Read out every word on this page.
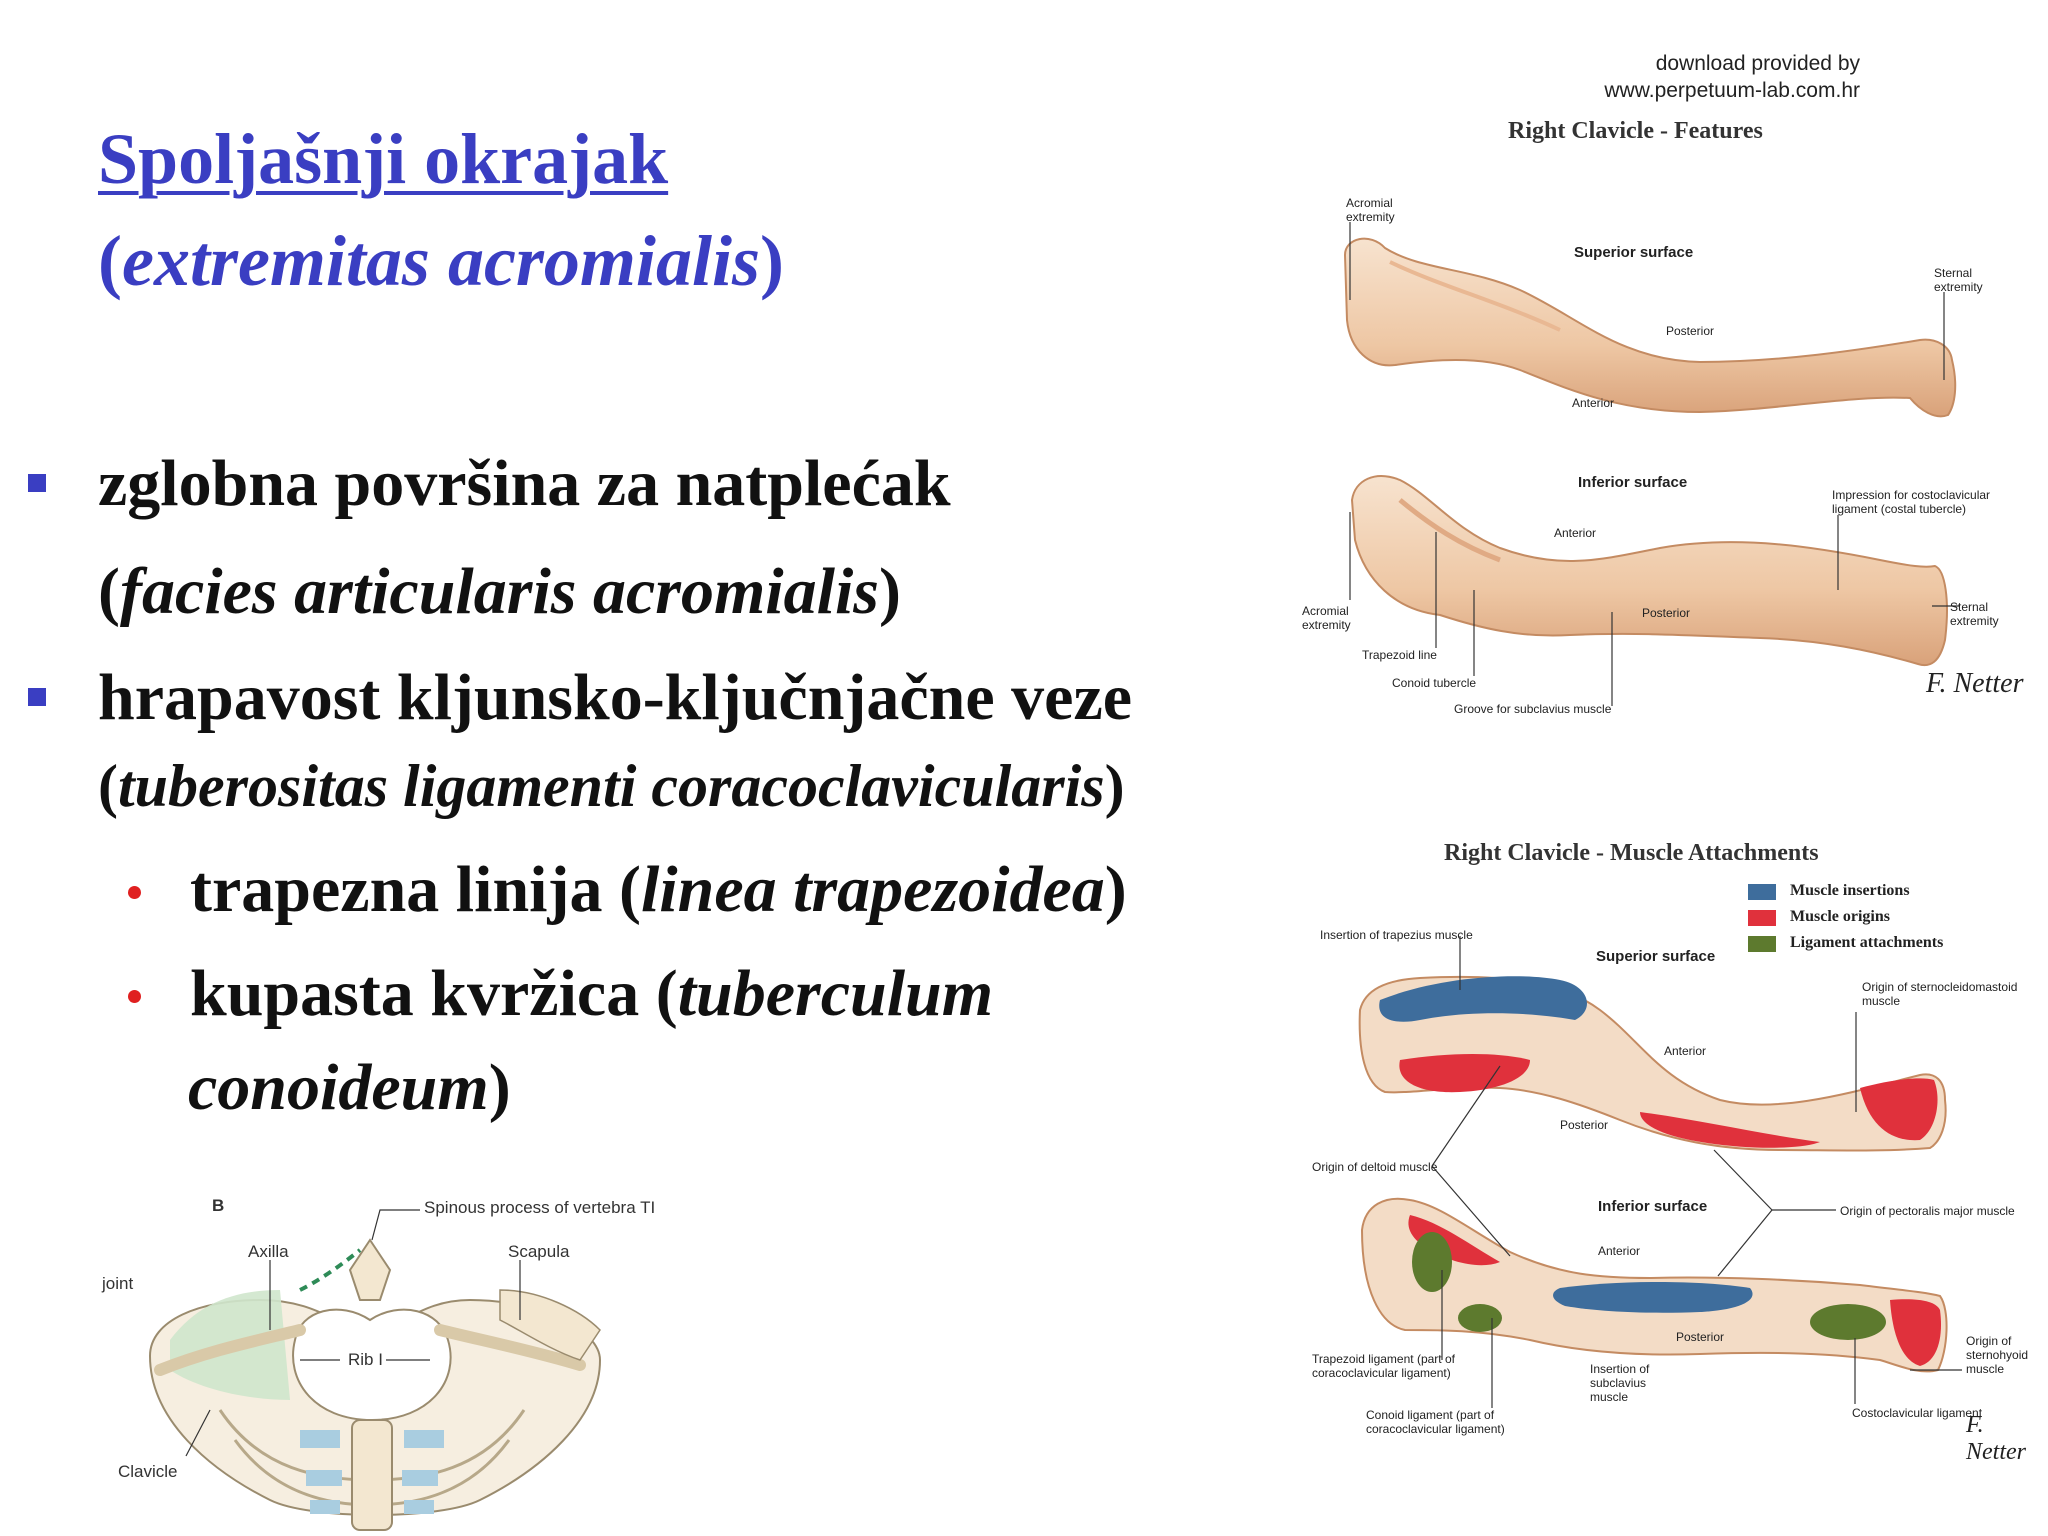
download provided by
www.perpetuum-lab.com.hr
Spoljašnji okrajak
(extremitas acromialis)
zglobna površina za natplećak
(facies articularis acromialis)
hrapavost kljunsko-ključnjačne veze
(tuberositas ligamenti coracoclavicularis)
trapezna linija (linea trapezoidea)
kupasta kvržica (tuberculum
conoideum)
Right Clavicle - Features
Acromial
extremity
Superior surface
Sternal
extremity
Posterior
Anterior
Inferior surface
Impression for costoclavicular
ligament (costal tubercle)
Anterior
Acromial
extremity
Posterior	Sternal
extremity
Trapezoid line
Conoid tubercle
Groove for subclavius muscle
F. Netter
Right Clavicle - Muscle Attachments
Muscle insertions
Muscle origins
Ligament attachments
Insertion of trapezius muscle
Superior surface
Origin of sternocleidomastoid
muscle
Anterior
Posterior
Origin of deltoid muscle
Inferior surface	Origin of pectoralis major muscle
Anterior
Posterior	Origin of
sternohyoid
muscle
Trapezoid ligament (part of
coracoclavicular ligament)	Insertion of
subclavius
muscle
Conoid ligament (part of
coracoclavicular ligament)
Costoclavicular ligament
F. Netter
B	Spinous process of vertebra TI
Axilla	Scapula
joint
Rib I
Clavicle
